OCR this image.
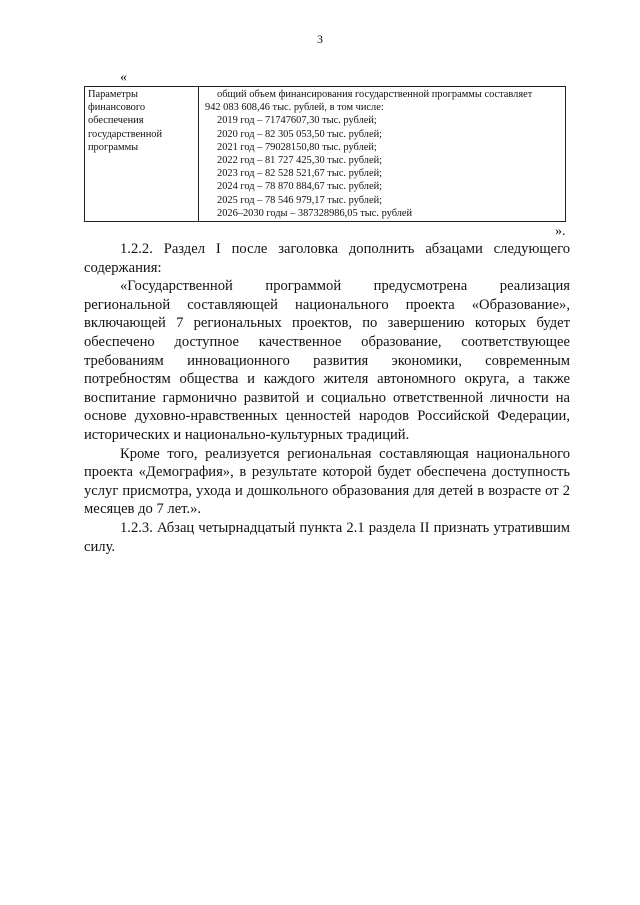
3
«
Параметры финансового
обеспечения
государственной
программы
общий объем финансирования государственной программы составляет
942 083 608,46 тыс. рублей, в том числе:
2019 год – 71747607,30 тыс. рублей;
2020 год – 82 305 053,50 тыс. рублей;
2021 год – 79028150,80 тыс. рублей;
2022 год – 81 727 425,30 тыс. рублей;
2023 год – 82 528 521,67 тыс. рублей;
2024 год – 78 870 884,67 тыс. рублей;
2025 год – 78 546 979,17 тыс. рублей;
2026–2030 годы – 387328986,05 тыс. рублей
».

1.2.2. Раздел I после заголовка дополнить абзацами следующего содержания:

«Государственной программой предусмотрена реализация региональной составляющей национального проекта «Образование», включающей 7 региональных проектов, по завершению которых будет обеспечено доступное качественное образование, соответствующее требованиям инновационного развития экономики, современным потребностям общества и каждого жителя автономного округа, а также воспитание гармонично развитой и социально ответственной личности на основе духовно-нравственных ценностей народов Российской Федерации, исторических и национально-культурных традиций.

Кроме того, реализуется региональная составляющая национального проекта «Демография», в результате которой будет обеспечена доступность услуг присмотра, ухода и дошкольного образования для детей в возрасте от 2 месяцев до 7 лет.».

1.2.3. Абзац четырнадцатый пункта 2.1 раздела II признать утратившим силу.
